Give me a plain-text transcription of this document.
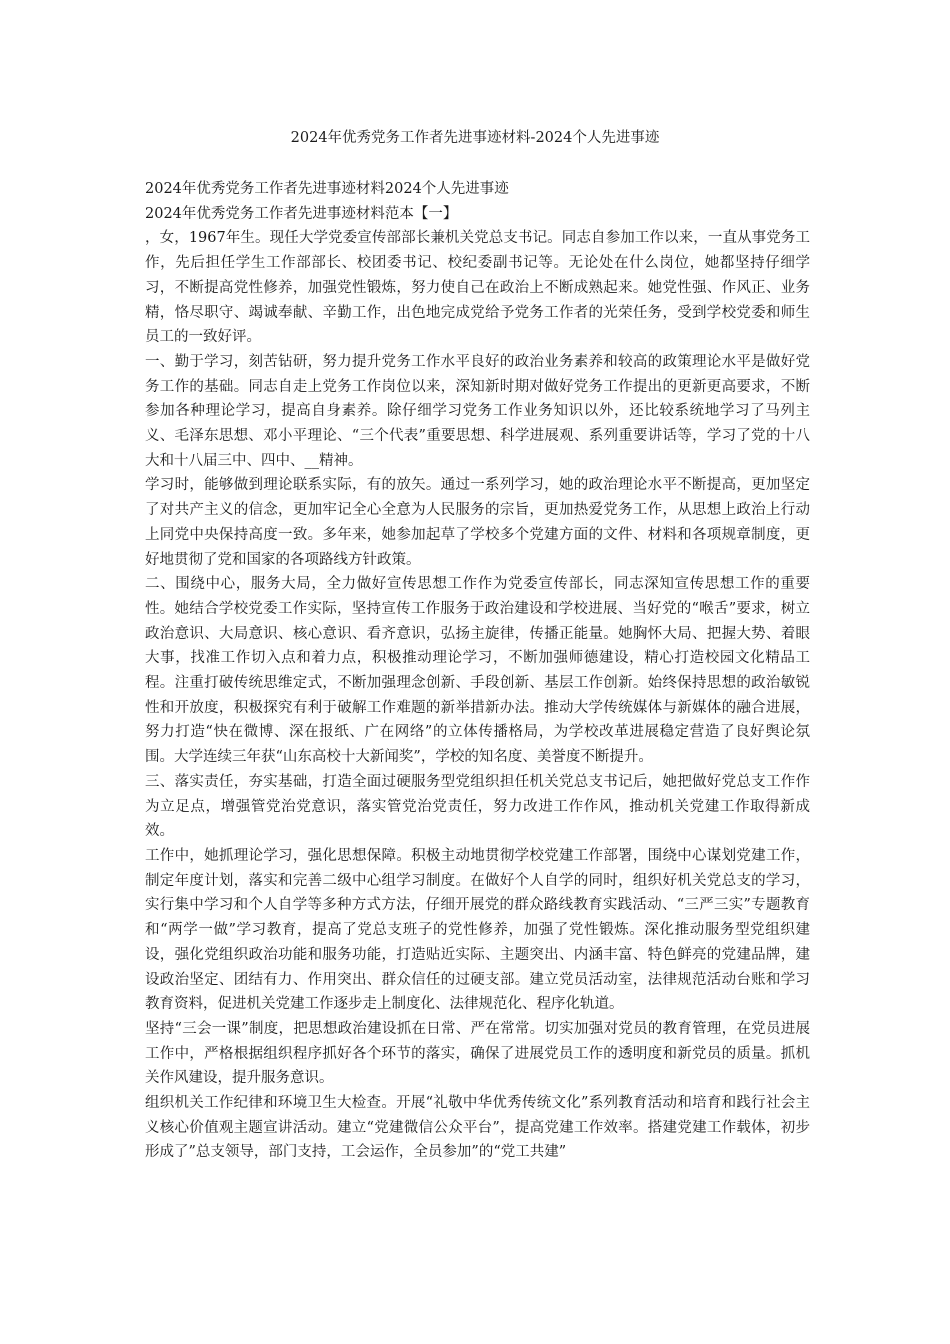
2024年优秀党务工作者先进事迹材料-2024个人先进事迹

2024年优秀党务工作者先进事迹材料2024个人先进事迹

2024年优秀党务工作者先进事迹材料范本【一】

，女，1967年生。现任大学党委宣传部部长兼机关党总支书记。同志自参加工作以来，一直从事党务工作，先后担任学生工作部部长、校团委书记、校纪委副书记等。无论处在什么岗位，她都坚持仔细学习，不断提高党性修养，加强党性锻炼，努力使自己在政治上不断成熟起来。她党性强、作风正、业务精，恪尽职守、竭诚奉献、辛勤工作，出色地完成党给予党务工作者的光荣任务，受到学校党委和师生员工的一致好评。

一、勤于学习，刻苦钻研，努力提升党务工作水平良好的政治业务素养和较高的政策理论水平是做好党务工作的基础。同志自走上党务工作岗位以来，深知新时期对做好党务工作提出的更新更高要求，不断参加各种理论学习，提高自身素养。除仔细学习党务工作业务知识以外，还比较系统地学习了马列主义、毛泽东思想、邓小平理论、“三个代表”重要思想、科学进展观、系列重要讲话等，学习了党的十八大和十八届三中、四中、__精神。

学习时，能够做到理论联系实际，有的放矢。通过一系列学习，她的政治理论水平不断提高，更加坚定了对共产主义的信念，更加牢记全心全意为人民服务的宗旨，更加热爱党务工作，从思想上政治上行动上同党中央保持高度一致。多年来，她参加起草了学校多个党建方面的文件、材料和各项规章制度，更好地贯彻了党和国家的各项路线方针政策。

二、围绕中心，服务大局，全力做好宣传思想工作作为党委宣传部长，同志深知宣传思想工作的重要性。她结合学校党委工作实际，坚持宣传工作服务于政治建设和学校进展、当好党的“喉舌”要求，树立政治意识、大局意识、核心意识、看齐意识，弘扬主旋律，传播正能量。她胸怀大局、把握大势、着眼大事，找准工作切入点和着力点，积极推动理论学习，不断加强师德建设，精心打造校园文化精品工程。注重打破传统思维定式，不断加强理念创新、手段创新、基层工作创新。始终保持思想的政治敏锐性和开放度，积极探究有利于破解工作难题的新举措新办法。推动大学传统媒体与新媒体的融合进展，努力打造“快在微博、深在报纸、广在网络”的立体传播格局，为学校改革进展稳定营造了良好舆论氛围。大学连续三年获“山东高校十大新闻奖”，学校的知名度、美誉度不断提升。

三、落实责任，夯实基础，打造全面过硬服务型党组织担任机关党总支书记后，她把做好党总支工作作为立足点，增强管党治党意识，落实管党治党责任，努力改进工作作风，推动机关党建工作取得新成效。

工作中，她抓理论学习，强化思想保障。积极主动地贯彻学校党建工作部署，围绕中心谋划党建工作，制定年度计划，落实和完善二级中心组学习制度。在做好个人自学的同时，组织好机关党总支的学习，实行集中学习和个人自学等多种方式方法，仔细开展党的群众路线教育实践活动、“三严三实”专题教育和“两学一做”学习教育，提高了党总支班子的党性修养，加强了党性锻炼。深化推动服务型党组织建设，强化党组织政治功能和服务功能，打造贴近实际、主题突出、内涵丰富、特色鲜亮的党建品牌，建设政治坚定、团结有力、作用突出、群众信任的过硬支部。建立党员活动室，法律规范活动台账和学习教育资料，促进机关党建工作逐步走上制度化、法律规范化、程序化轨道。

坚持“三会一课”制度，把思想政治建设抓在日常、严在常常。切实加强对党员的教育管理，在党员进展工作中，严格根据组织程序抓好各个环节的落实，确保了进展党员工作的透明度和新党员的质量。抓机关作风建设，提升服务意识。

组织机关工作纪律和环境卫生大检查。开展“礼敬中华优秀传统文化”系列教育活动和培育和践行社会主义核心价值观主题宣讲活动。建立“党建微信公众平台”，提高党建工作效率。搭建党建工作载体，初步形成了”总支领导，部门支持，工会运作，全员参加”的“党工共建”
